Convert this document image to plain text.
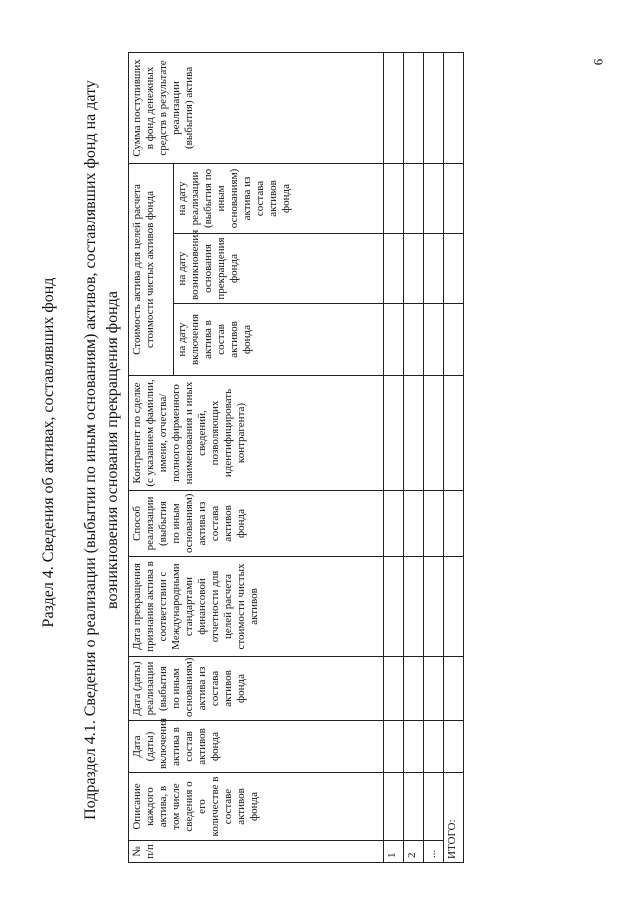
9
Раздел 4. Сведения об активах, составлявших фонд Подраздел 4.1. Сведения о реализации (выбытии по иным основаниям) активов, составлявших фонд на дату возникновения основания прекращения фонда
№ п/п	Описание каждого актива, в том числе сведения о его количестве в составе активов фонда	Дата (даты) включения актива в состав активов фонда	Дата (даты) реализации (выбытия по иным основаниям) актива из состава активов фонда	Дата прекращения признания актива в соответствии с Международными стандартами финансовой отчетности для целей расчета стоимости чистых активов	Способ реализации (выбытия по иным основаниям) актива из состава активов фонда	Контрагент по сделке (с указанием фамилии, имени, отчества/полного фирменного наименования и иных сведений, позволяющих идентифицировать контрагента)	Стоимость актива для целей расчета стоимости чистых активов фонда			Сумма поступивших в фонд денежных средств в результате реализации (выбытия) актива
							на дату включения актива в состав активов фонда	на дату возникновения основания прекращения фонда	на дату реализации (выбытия по иным основаниям) актива из состава активов фонда	
1										
2										
...										
ИТОГО:										
